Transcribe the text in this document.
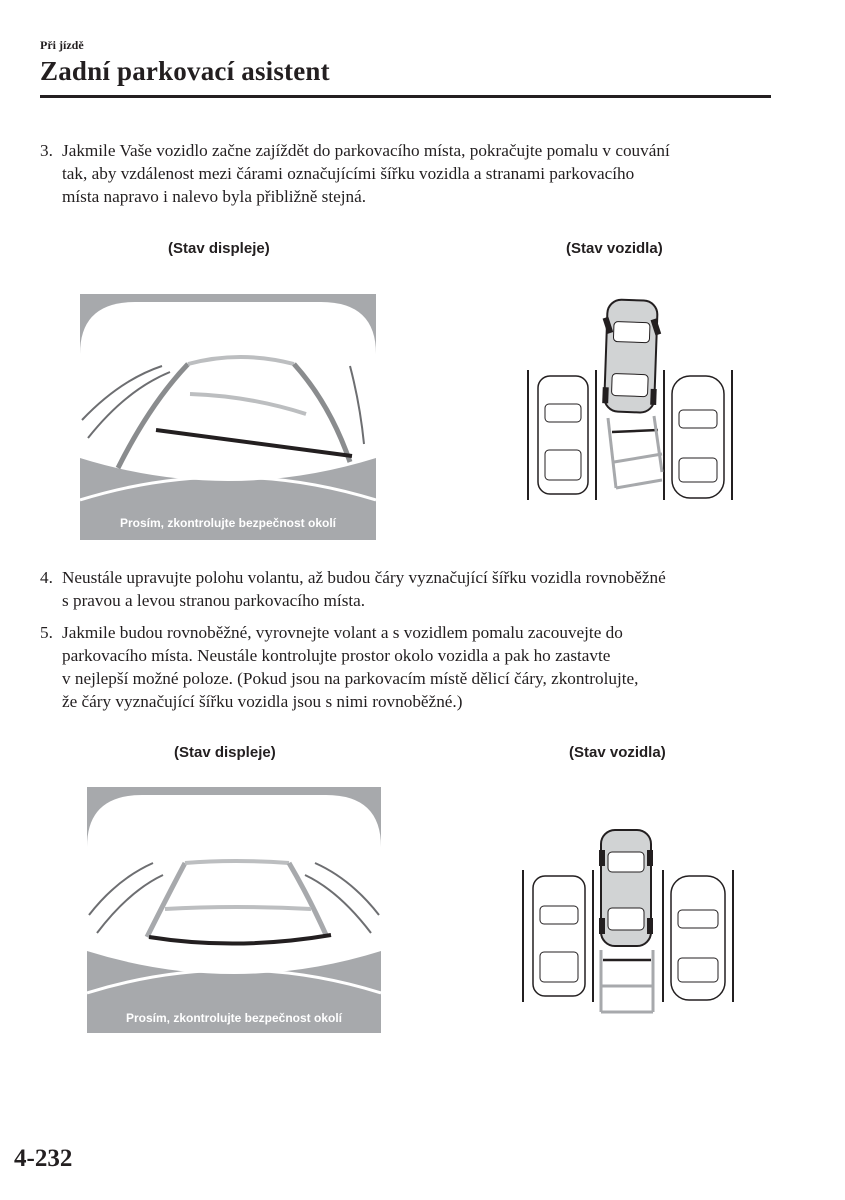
Při jízdě
Zadní parkovací asistent
3. Jakmile Vaše vozidlo začne zajíždět do parkovacího místa, pokračujte pomalu v couvání
tak, aby vzdálenost mezi čárami označujícími šířku vozidla a stranami parkovacího
místa napravo i nalevo byla přibližně stejná.
(Stav displeje)	(Stav vozidla)
Prosím, zkontrolujte bezpečnost okolí
4. Neustále upravujte polohu volantu, až budou čáry vyznačující šířku vozidla rovnoběžné
s pravou a levou stranou parkovacího místa.
5. Jakmile budou rovnoběžné, vyrovnejte volant a s vozidlem pomalu zacouvejte do
parkovacího místa. Neustále kontrolujte prostor okolo vozidla a pak ho zastavte
v nejlepší možné poloze. (Pokud jsou na parkovacím místě dělicí čáry, zkontrolujte,
že čáry vyznačující šířku vozidla jsou s nimi rovnoběžné.)
(Stav displeje)	(Stav vozidla)
Prosím, zkontrolujte bezpečnost okolí
4-232
